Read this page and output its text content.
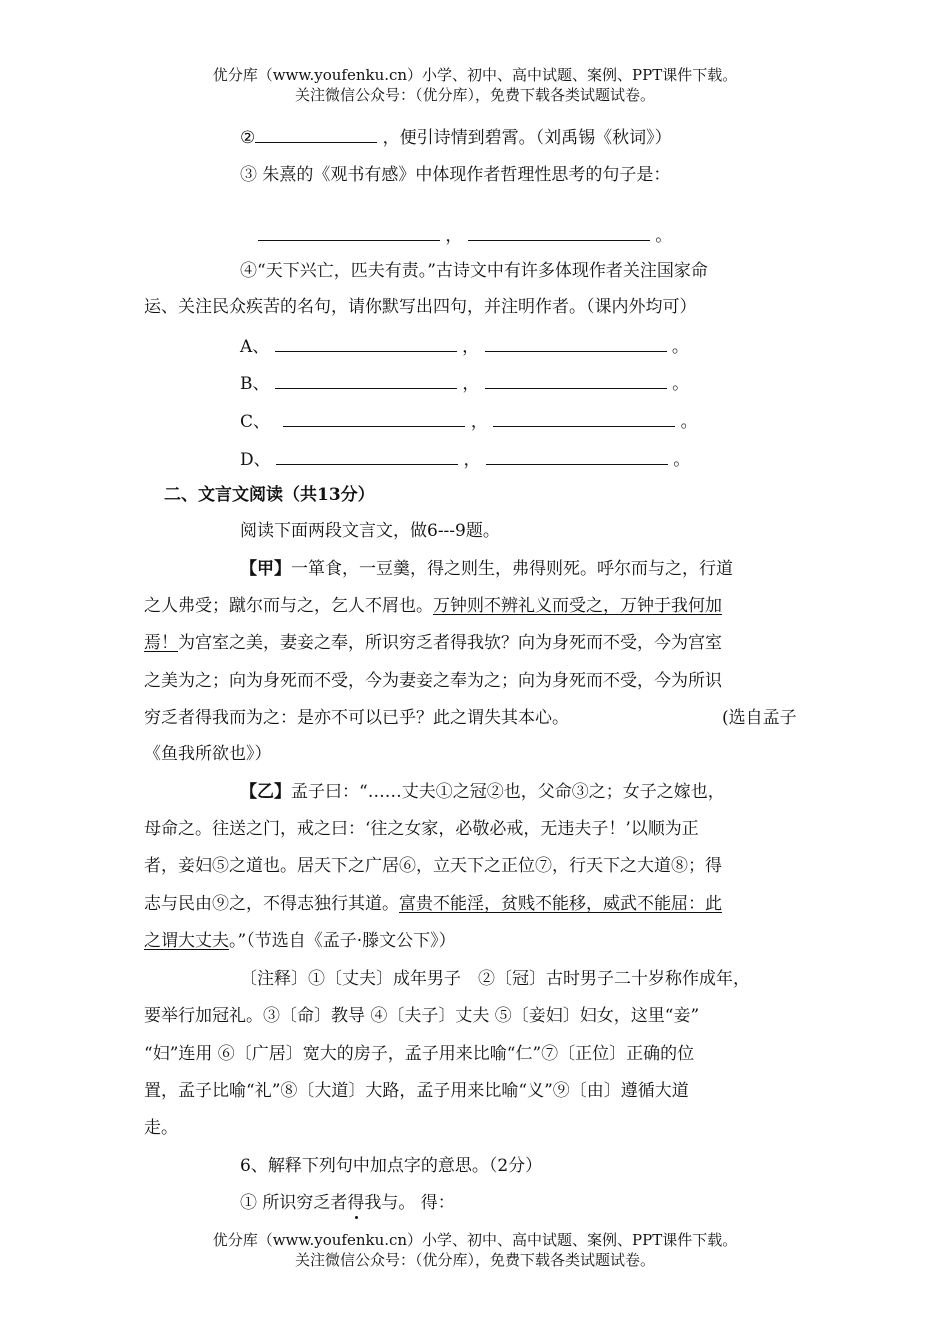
优分库（www.youfenku.cn）小学、初中、高中试题、案例、PPT课件下载。
关注微信公众号：（优分库），免费下载各类试题试卷。
②	，便引诗情到碧霄。（刘禹锡《秋词》）
③ 朱熹的《观书有感》中体现作者哲理性思考的句子是：
，	。
④“天下兴亡，匹夫有责。”古诗文中有许多体现作者关注国家命
运、关注民众疾苦的名句，请你默写出四句，并注明作者。（课内外均可）
A、	，	。
B、	，	。
C、	，	。
D、	，	。
二、文言文阅读（共13分）
阅读下面两段文言文，做6---9题。
【甲】一箪食，一豆羹，得之则生，弗得则死。呼尔而与之，行道
之人弗受；蹴尔而与之，乞人不屑也。万钟则不辨礼义而受之，万钟于我何加
焉！为宫室之美，妻妾之奉，所识穷乏者得我欤？向为身死而不受，今为宫室
之美为之；向为身死而不受，今为妻妾之奉为之；向为身死而不受，今为所识
穷乏者得我而为之：是亦不可以已乎？此之谓失其本心。	(选自孟子
《鱼我所欲也》）
【乙】孟子曰：“……丈夫①之冠②也，父命③之；女子之嫁也，
母命之。往送之门，戒之曰：‘往之女家，必敬必戒，无违夫子！’以顺为正
者，妾妇⑤之道也。居天下之广居⑥，立天下之正位⑦，行天下之大道⑧；得
志与民由⑨之，不得志独行其道。富贵不能淫，贫贱不能移，威武不能屈：此
之谓大丈夫。”（节选自《孟子·滕文公下》）
〔注释〕①〔丈夫〕成年男子　②〔冠〕古时男子二十岁称作成年，
要举行加冠礼。③〔命〕教导 ④〔夫子〕丈夫 ⑤〔妾妇〕妇女，这里“妾”
“妇”连用 ⑥〔广居〕宽大的房子，孟子用来比喻“仁”⑦〔正位〕正确的位
置，孟子比喻“礼”⑧〔大道〕大路，孟子用来比喻“义”⑨〔由〕遵循大道
走。
6、解释下列句中加点字的意思。（2分）
① 所识穷乏者得我与。 得：
优分库（www.youfenku.cn）小学、初中、高中试题、案例、PPT课件下载。
关注微信公众号：（优分库），免费下载各类试题试卷。
